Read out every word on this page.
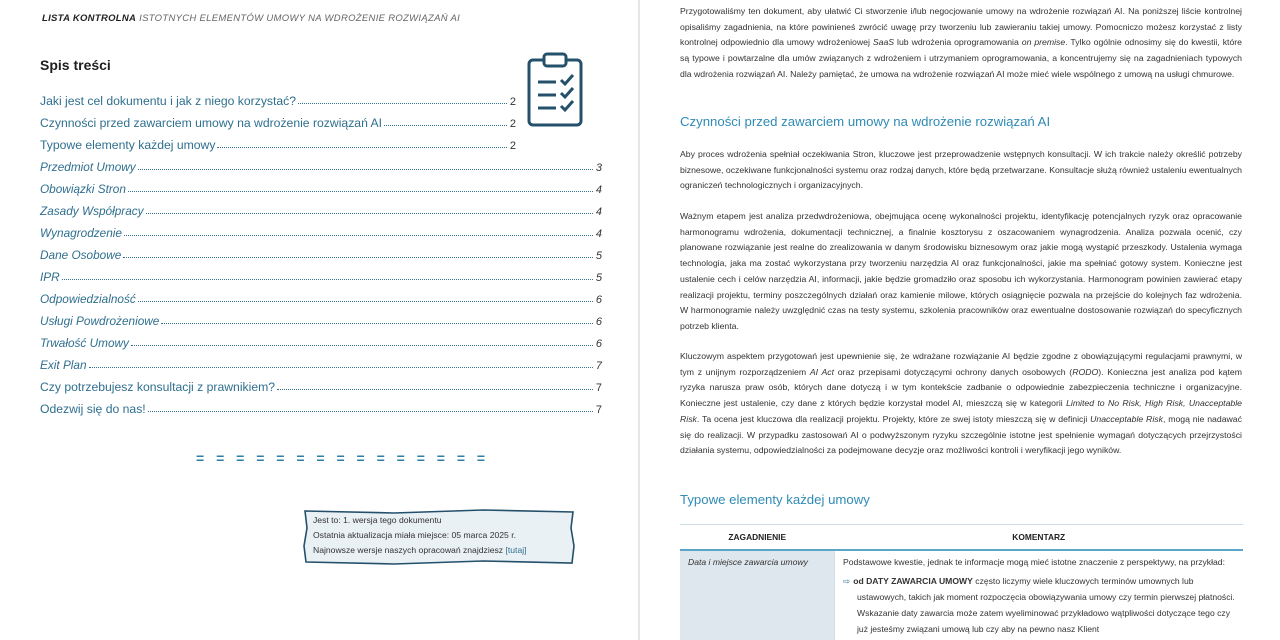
LISTA KONTROLNA ISTOTNYCH ELEMENTÓW UMOWY NA WDROŻENIE ROZWIĄZAŃ AI
Spis treści
Jaki jest cel dokumentu i jak z niego korzystać?	2
Czynności przed zawarciem umowy na wdrożenie rozwiązań AI	2
Typowe elementy każdej umowy	2
Przedmiot Umowy	3
Obowiązki Stron	4
Zasady Współpracy	4
Wynagrodzenie	4
Dane Osobowe	5
IPR	5
Odpowiedzialność	6
Usługi Powdrożeniowe	6
Trwałość Umowy	6
Exit Plan	7
Czy potrzebujesz konsultacji z prawnikiem?	7
Odezwij się do nas!	7
= = = = = = = = = = = = = = =
Jest to: 1. wersja tego dokumentu
Ostatnia aktualizacja miała miejsce: 05 marca 2025 r.
Najnowsze wersje naszych opracowań znajdziesz [tutaj]
Przygotowaliśmy ten dokument, aby ułatwić Ci stworzenie i/lub negocjowanie umowy na wdrożenie rozwiązań AI. Na poniższej liście kontrolnej opisaliśmy zagadnienia, na które powinieneś zwrócić uwagę przy tworzeniu lub zawieraniu takiej umowy. Pomocniczo możesz korzystać z listy kontrolnej odpowiednio dla umowy wdrożeniowej SaaS lub wdrożenia oprogramowania on premise. Tylko ogólnie odnosimy się do kwestii, które są typowe i powtarzalne dla umów związanych z wdrożeniem i utrzymaniem oprogramowania, a koncentrujemy się na zagadnieniach typowych dla wdrożenia rozwiązań AI. Należy pamiętać, że umowa na wdrożenie rozwiązań AI może mieć wiele wspólnego z umową na usługi chmurowe.
Czynności przed zawarciem umowy na wdrożenie rozwiązań AI
Aby proces wdrożenia spełniał oczekiwania Stron, kluczowe jest przeprowadzenie wstępnych konsultacji. W ich trakcie należy określić potrzeby biznesowe, oczekiwane funkcjonalności systemu oraz rodzaj danych, które będą przetwarzane. Konsultacje służą również ustaleniu ewentualnych ograniczeń technologicznych i organizacyjnych.
Ważnym etapem jest analiza przedwdrożeniowa, obejmująca ocenę wykonalności projektu, identyfikację potencjalnych ryzyk oraz opracowanie harmonogramu wdrożenia, dokumentacji technicznej, a finalnie kosztorysu z oszacowaniem wynagrodzenia. Analiza pozwala ocenić, czy planowane rozwiązanie jest realne do zrealizowania w danym środowisku biznesowym oraz jakie mogą wystąpić przeszkody. Ustalenia wymaga technologia, jaka ma zostać wykorzystana przy tworzeniu narzędzia AI oraz funkcjonalności, jakie ma spełniać gotowy system. Konieczne jest ustalenie cech i celów narzędzia AI, informacji, jakie będzie gromadziło oraz sposobu ich wykorzystania. Harmonogram powinien zawierać etapy realizacji projektu, terminy poszczególnych działań oraz kamienie milowe, których osiągnięcie pozwala na przejście do kolejnych faz wdrożenia. W harmonogramie należy uwzględnić czas na testy systemu, szkolenia pracowników oraz ewentualne dostosowanie rozwiązań do specyficznych potrzeb klienta.
Kluczowym aspektem przygotowań jest upewnienie się, że wdrażane rozwiązanie AI będzie zgodne z obowiązującymi regulacjami prawnymi, w tym z unijnym rozporządzeniem AI Act oraz przepisami dotyczącymi ochrony danych osobowych (RODO). Konieczna jest analiza pod kątem ryzyka narusza praw osób, których dane dotyczą i w tym kontekście zadbanie o odpowiednie zabezpieczenia techniczne i organizacyjne. Konieczne jest ustalenie, czy dane z których będzie korzystał model AI, mieszczą się w kategorii Limited to No Risk, High Risk, Unacceptable Risk. Ta ocena jest kluczowa dla realizacji projektu. Projekty, które ze swej istoty mieszczą się w definicji Unacceptable Risk, mogą nie nadawać się do realizacji. W przypadku zastosowań AI o podwyższonym ryzyku szczególnie istotne jest spełnienie wymagań dotyczących przejrzystości działania systemu, odpowiedzialności za podejmowane decyzje oraz możliwości kontroli i weryfikacji jego wyników.
Typowe elementy każdej umowy
ZAGADNIENIE	KOMENTARZ
Data i miejsce zawarcia umowy	Podstawowe kwestie, jednak te informacje mogą mieć istotne znaczenie z perspektywy, na przykład:
⇨ od DATY ZAWARCIA UMOWY często liczymy wiele kluczowych terminów umownych lub ustawowych, takich jak moment rozpoczęcia obowiązywania umowy czy termin pierwszej płatności. Wskazanie daty zawarcia może zatem wyeliminować przykładowo wątpliwości dotyczące tego czy już jesteśmy związani umową lub czy aby na pewno nasz Klient
